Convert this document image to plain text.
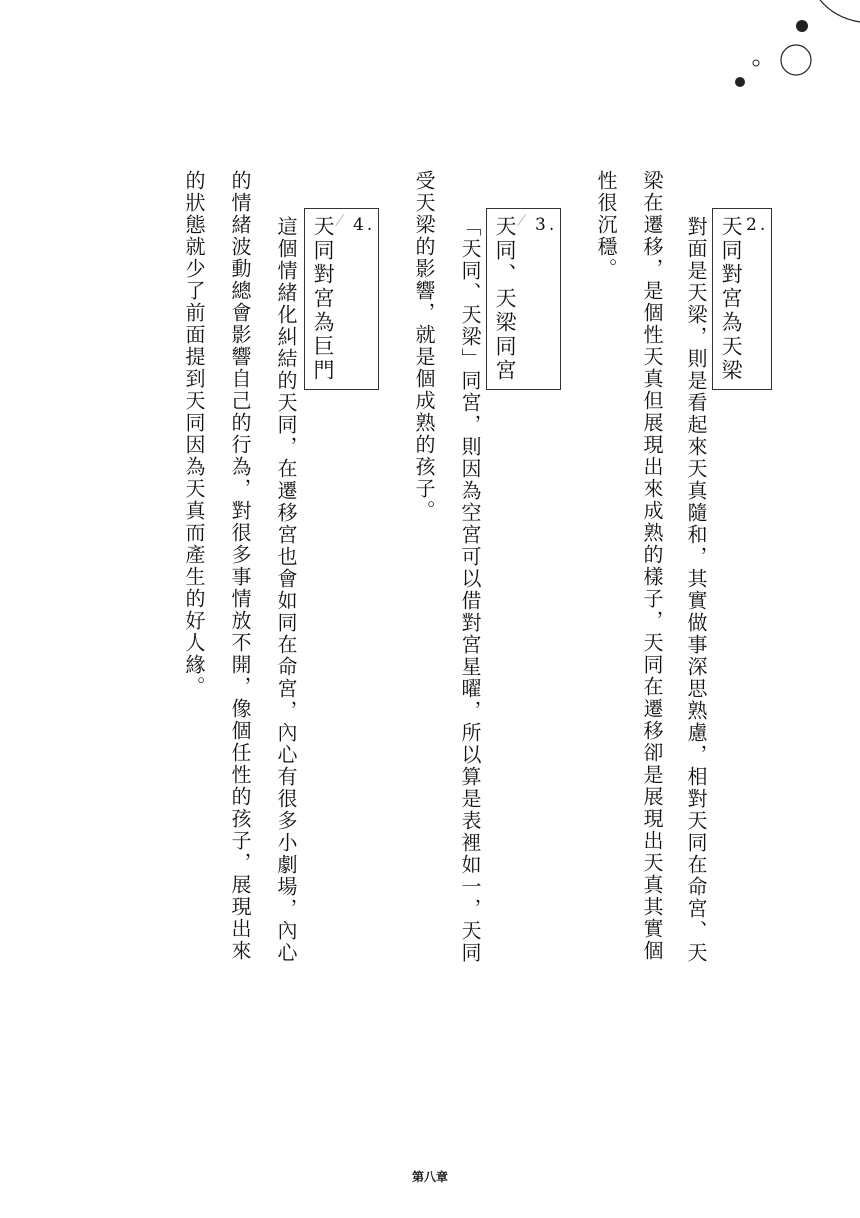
2.
天同對宮為天梁
對面是天梁，則是看起來天真隨和，其實做事深思熟慮，相對天同在命宮、天
梁在遷移，是個性天真但展現出來成熟的樣子，天同在遷移卻是展現出天真其實個
性很沉穩。
3.
天同、天梁同宮
「天同、天梁」同宮，則因為空宮可以借對宮星曜，所以算是表裡如一，天同
受天梁的影響，就是個成熟的孩子。
4.
天同對宮為巨門
這個情緒化糾結的天同，在遷移宮也會如同在命宮，內心有很多小劇場，內心
的情緒波動總會影響自己的行為，對很多事情放不開，像個任性的孩子，展現出來
的狀態就少了前面提到天同因為天真而產生的好人緣。
第八章
